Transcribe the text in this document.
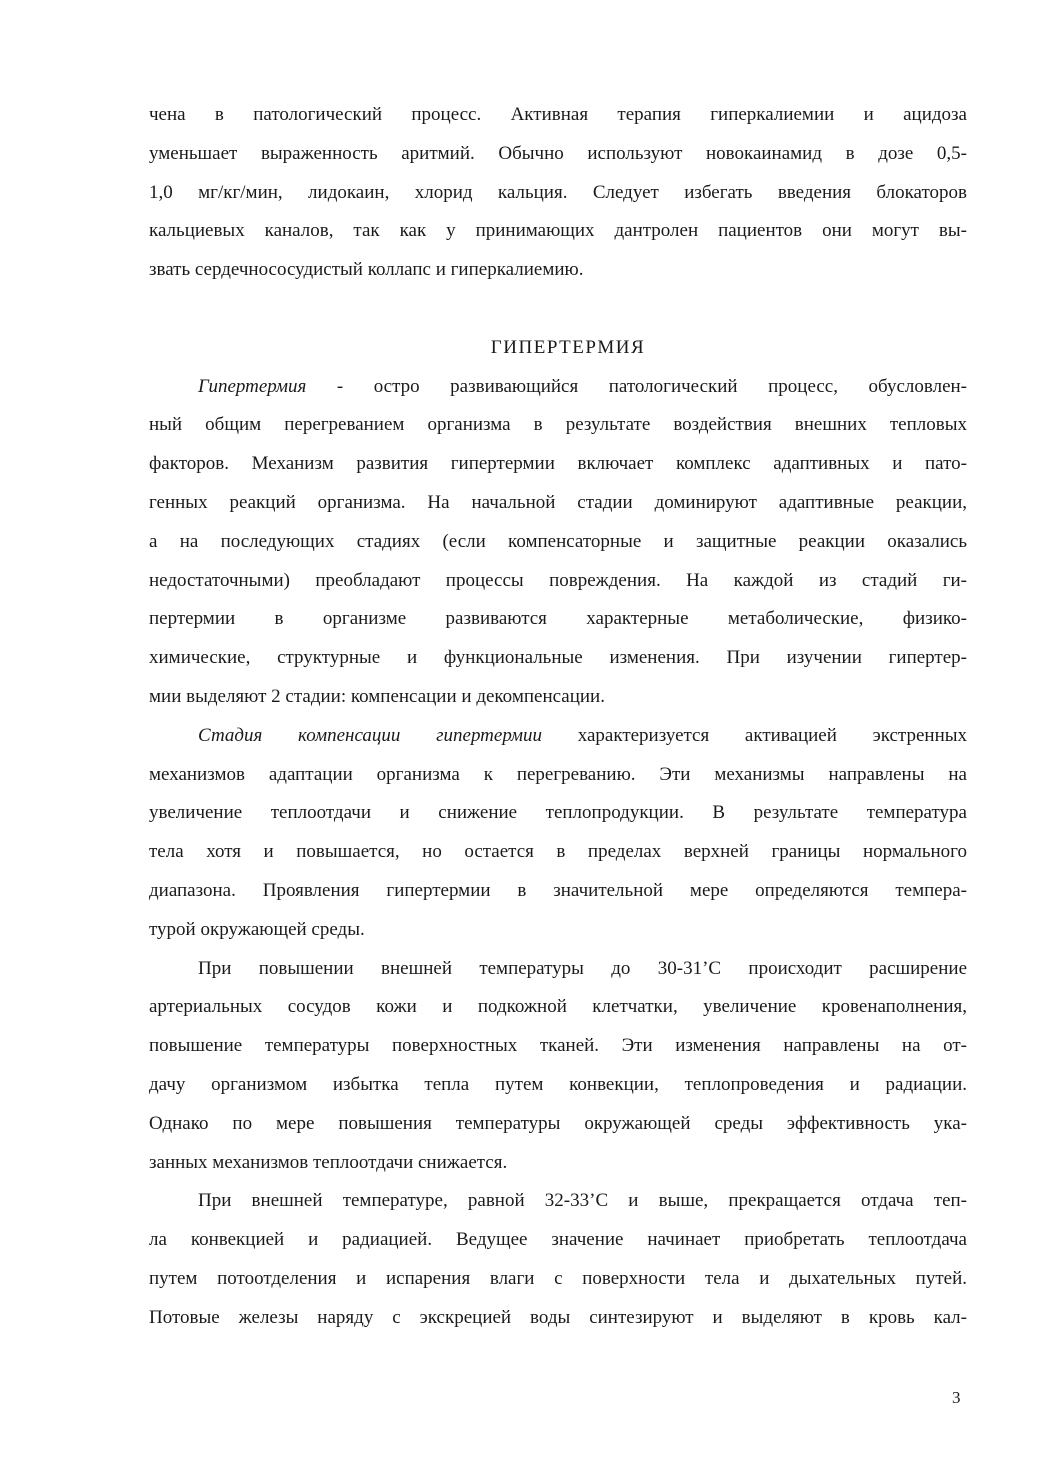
чена в патологический процесс. Активная терапия гиперкалиемии и ацидоза
уменьшает выраженность аритмий. Обычно используют новокаинамид в дозе 0,5-
1,0 мг/кг/мин, лидокаин, хлорид кальция. Следует избегать введения блокаторов
кальциевых каналов, так как у принимающих дантролен пациентов они могут вы-
звать сердечнососудистый коллапс и гиперкалиемию.
ГИПЕРТЕРМИЯ
Гипертермия - остро развивающийся патологический процесс, обусловлен-
ный общим перегреванием организма в результате воздействия внешних тепловых
факторов. Механизм развития гипертермии включает комплекс адаптивных и пато-
генных реакций организма. На начальной стадии доминируют адаптивные реакции,
а на последующих стадиях (если компенсаторные и защитные реакции оказались
недостаточными) преобладают процессы повреждения. На каждой из стадий ги-
пертермии в организме развиваются характерные метаболические, физико-
химические, структурные и функциональные изменения. При изучении гипертер-
мии выделяют 2 стадии: компенсации и декомпенсации.
Стадия компенсации гипертермии характеризуется активацией экстренных
механизмов адаптации организма к перегреванию. Эти механизмы направлены на
увеличение теплоотдачи и снижение теплопродукции. В результате температура
тела хотя и повышается, но остается в пределах верхней границы нормального
диапазона. Проявления гипертермии в значительной мере определяются темпера-
турой окружающей среды.
При повышении внешней температуры до 30-31’С происходит расширение
артериальных сосудов кожи и подкожной клетчатки, увеличение кровенаполнения,
повышение температуры поверхностных тканей. Эти изменения направлены на от-
дачу организмом избытка тепла путем конвекции, теплопроведения и радиации.
Однако по мере повышения температуры окружающей среды эффективность ука-
занных механизмов теплоотдачи снижается.
При внешней температуре, равной 32-33’С и выше, прекращается отдача теп-
ла конвекцией и радиацией. Ведущее значение начинает приобретать теплоотдача
путем потоотделения и испарения влаги с поверхности тела и дыхательных путей.
Потовые железы наряду с экскрецией воды синтезируют и выделяют в кровь кал-
3
